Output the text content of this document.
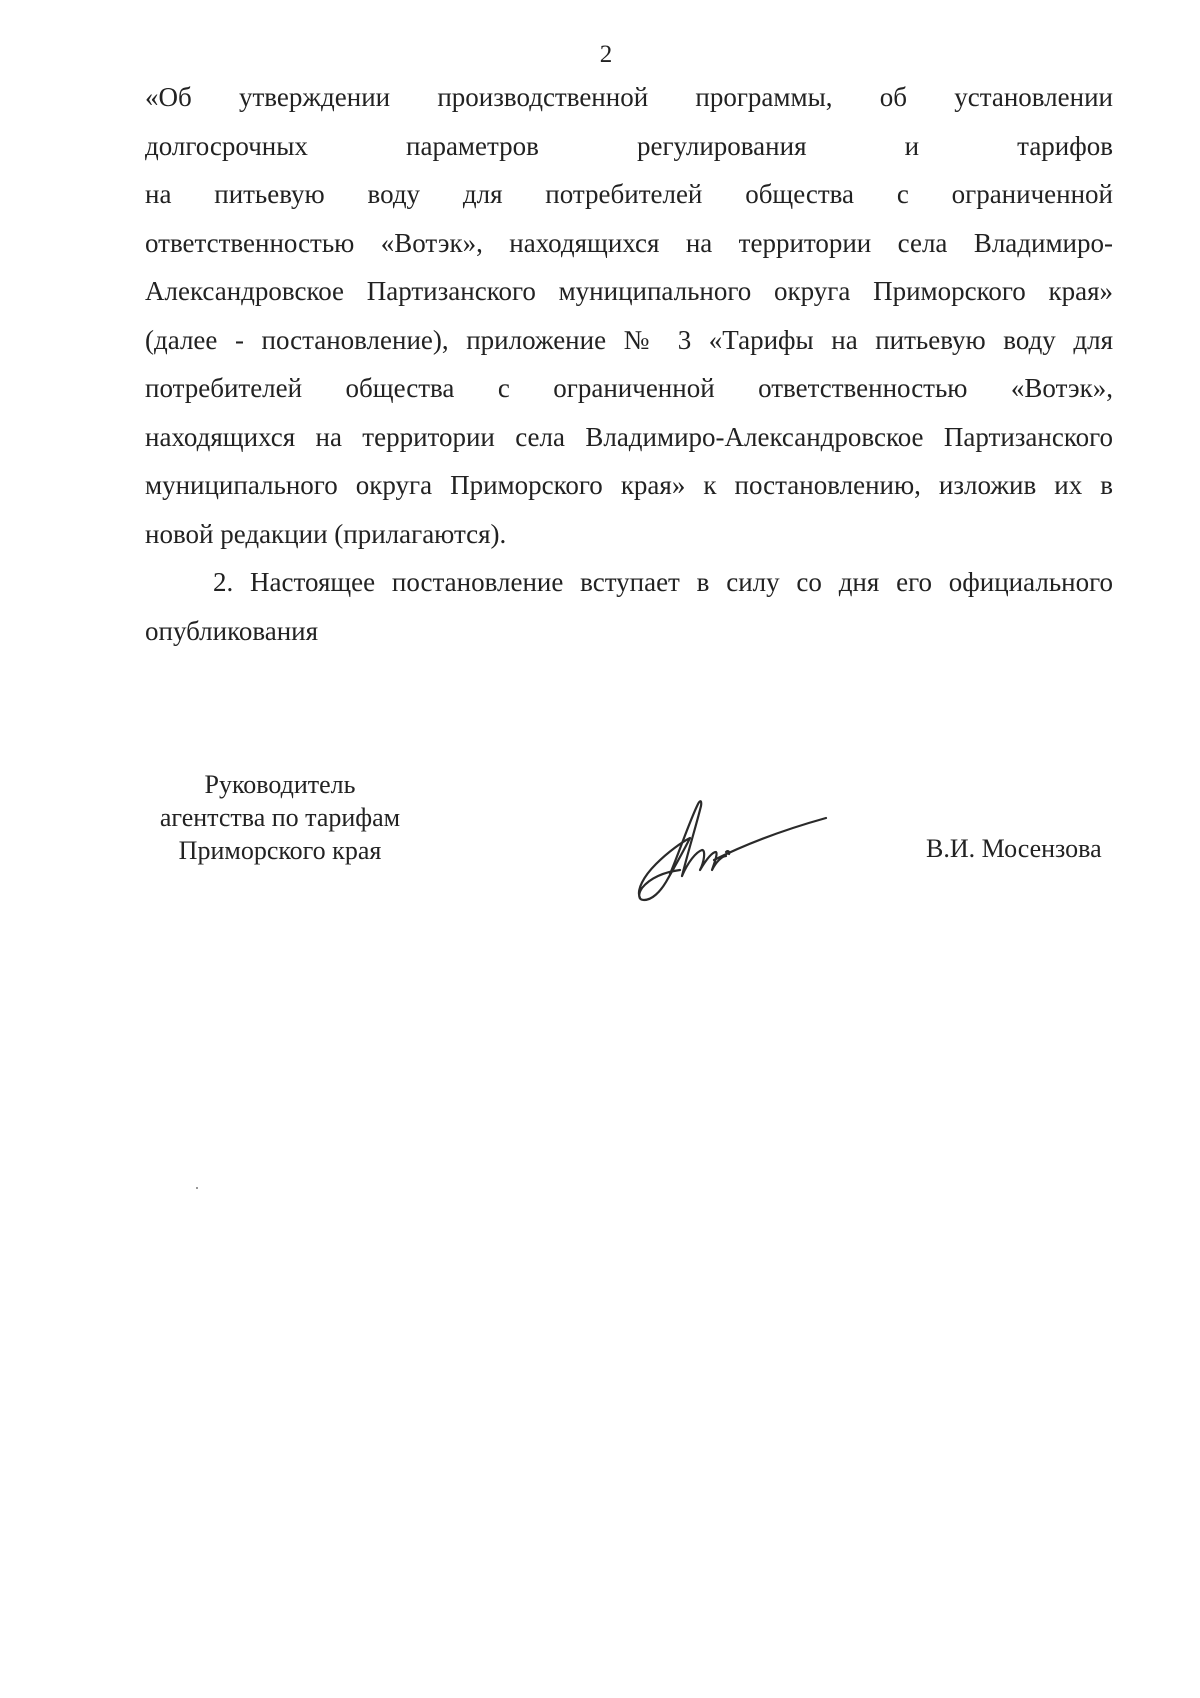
2

«Об утверждении производственной программы, об установлении
долгосрочных параметров регулирования и тарифов
на питьевую воду для потребителей общества с ограниченной
ответственностью «Вотэк», находящихся на территории села Владимиро-
Александровское Партизанского муниципального округа Приморского края»
(далее - постановление), приложение № 3 «Тарифы на питьевую воду для
потребителей общества с ограниченной ответственностью «Вотэк»,
находящихся на территории села Владимиро-Александровское Партизанского
муниципального округа Приморского края» к постановлению, изложив их в
новой редакции (прилагаются).

2. Настоящее постановление вступает в силу со дня его официального
опубликования

Руководитель
агентства по тарифам
Приморского края	В.И. Мосензова
